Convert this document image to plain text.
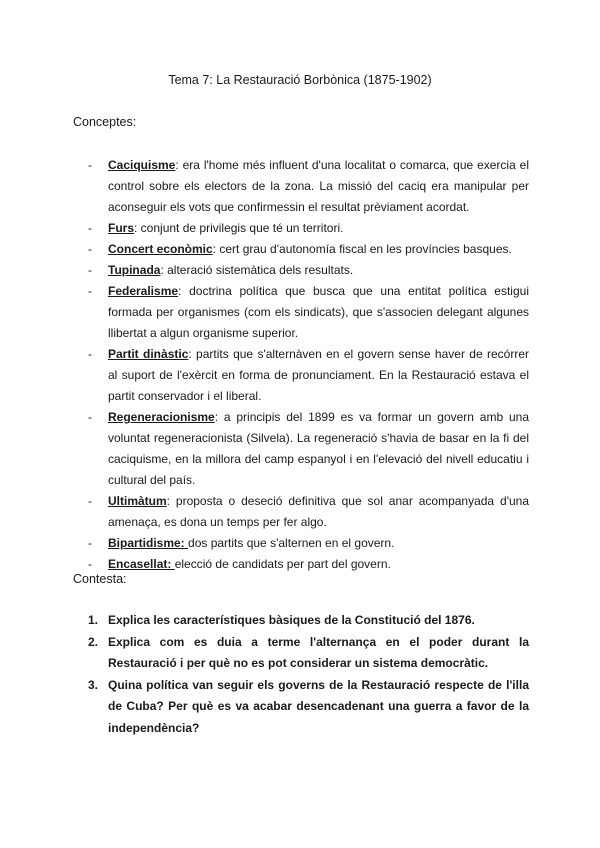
Tema 7: La Restauració Borbònica (1875-1902)
Conceptes:
- Caciquisme: era l'home més influent d'una localitat o comarca, que exercia el control sobre els electors de la zona. La missió del caciq era manipular per aconseguir els vots que confirmessin el resultat prèviament acordat.
- Furs: conjunt de privilegis que té un territori.
- Concert econòmic: cert grau d'autonomía fiscal en les províncies basques.
- Tupinada: alteració sistemàtica dels resultats.
- Federalisme: doctrina política que busca que una entitat política estigui formada per organismes (com els sindicats), que s'associen delegant algunes llibertat a algun organisme superior.
- Partit dinàstic: partits que s'alternàven en el govern sense haver de recórrer al suport de l'exèrcit en forma de pronunciament. En la Restauració estava el partit conservador i el liberal.
- Regeneracionisme: a principis del 1899 es va formar un govern amb una voluntat regeneracionista (Silvela). La regeneració s'havia de basar en la fi del caciquisme, en la millora del camp espanyol i en l'elevació del nivell educatiu i cultural del país.
- Ultimàtum: proposta o deseció definitiva que sol anar acompanyada d'una amenaça, es dona un temps per fer algo.
- Bipartidisme: dos partits que s'alternen en el govern.
- Encasellat: elecció de candidats per part del govern.
Contesta:
1. Explica les característiques bàsiques de la Constitució del 1876.
2. Explica com es duia a terme l'alternança en el poder durant la Restauració i per què no es pot considerar un sistema democràtic.
3. Quina política van seguir els governs de la Restauració respecte de l'illa de Cuba? Per què es va acabar desencadenant una guerra a favor de la independència?
